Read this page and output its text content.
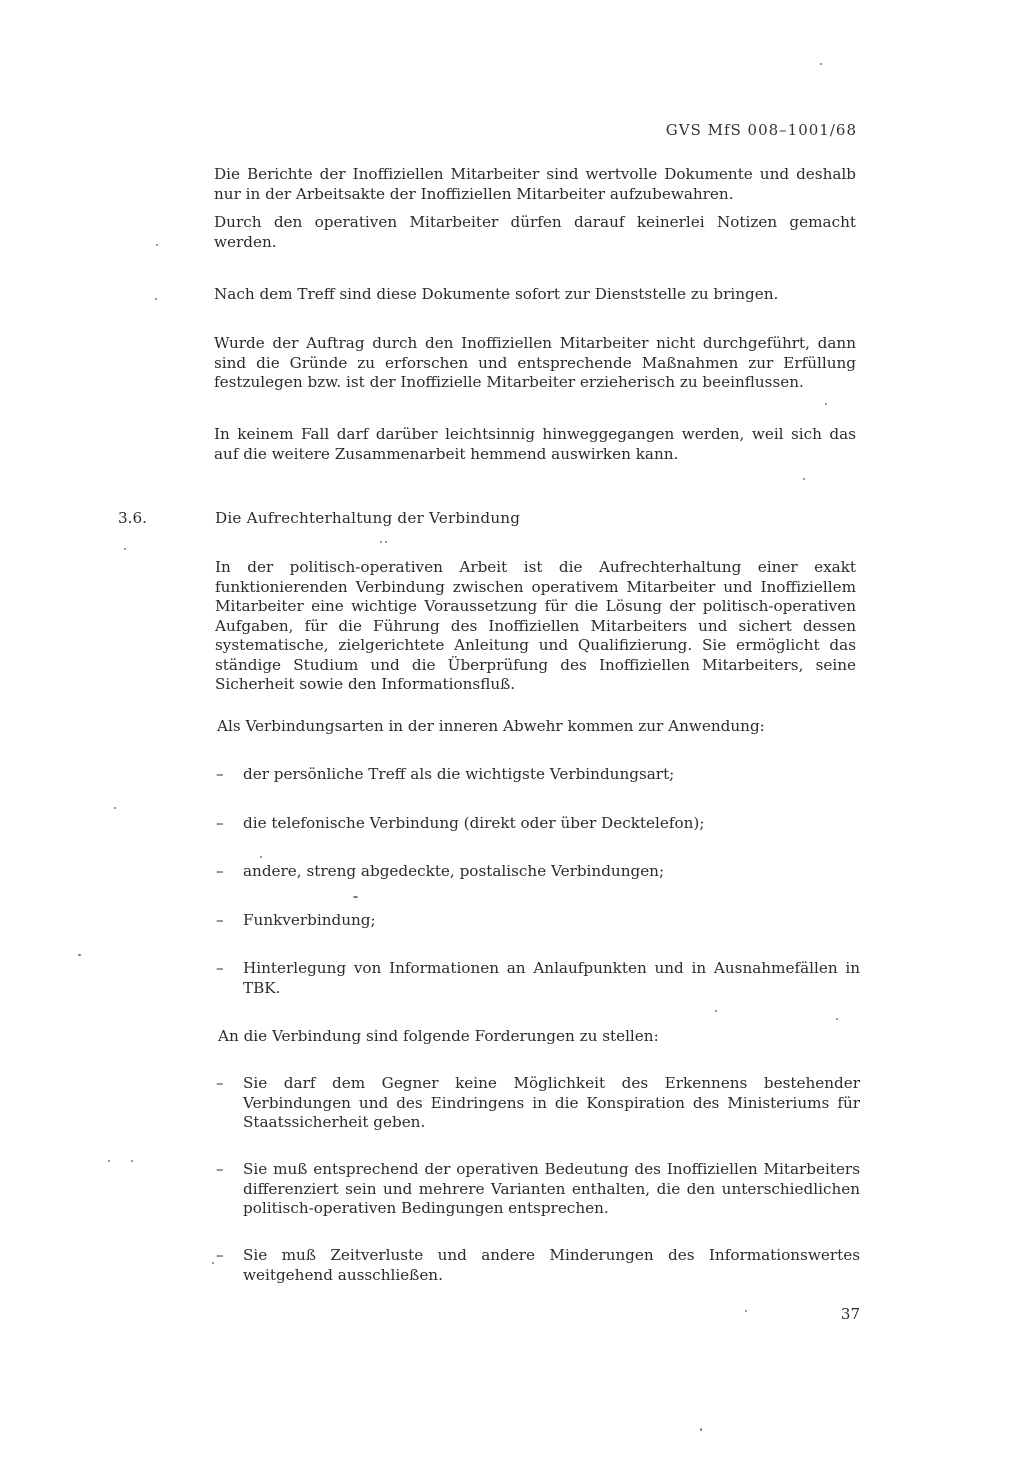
GVS MfS 008–1001/68
Die Berichte der Inoffiziellen Mitarbeiter sind wertvolle Dokumente und deshalb nur in der Arbeitsakte der Inoffiziellen Mitarbeiter aufzubewahren.
Durch den operativen Mitarbeiter dürfen darauf keinerlei Notizen gemacht werden.
Nach dem Treff sind diese Dokumente sofort zur Dienststelle zu bringen.
Wurde der Auftrag durch den Inoffiziellen Mitarbeiter nicht durchgeführt, dann sind die Gründe zu erforschen und entsprechende Maßnahmen zur Erfüllung festzulegen bzw. ist der Inoffizielle Mitarbeiter erzieherisch zu beeinflussen.
In keinem Fall darf darüber leichtsinnig hinweggegangen werden, weil sich das auf die weitere Zusammenarbeit hemmend auswirken kann.
3.6.	Die Aufrechterhaltung der Verbindung
In der politisch-operativen Arbeit ist die Aufrechterhaltung einer exakt funktionierenden Verbindung zwischen operativem Mitarbeiter und Inoffiziellem Mitarbeiter eine wichtige Voraussetzung für die Lösung der politisch-operativen Aufgaben, für die Führung des Inoffiziellen Mitarbeiters und sichert dessen systematische, zielgerichtete Anleitung und Qualifizierung. Sie ermöglicht das ständige Studium und die Überprüfung des Inoffiziellen Mitarbeiters, seine Sicherheit sowie den Informationsfluß.
Als Verbindungsarten in der inneren Abwehr kommen zur Anwendung:
–	der persönliche Treff als die wichtigste Verbindungsart;
–	die telefonische Verbindung (direkt oder über Decktelefon);
–	andere, streng abgedeckte, postalische Verbindungen;
–	Funkverbindung;
–	Hinterlegung von Informationen an Anlaufpunkten und in Ausnahmefällen in TBK.
An die Verbindung sind folgende Forderungen zu stellen:
–	Sie darf dem Gegner keine Möglichkeit des Erkennens bestehender Verbindungen und des Eindringens in die Konspiration des Ministeriums für Staatssicherheit geben.
–	Sie muß entsprechend der operativen Bedeutung des Inoffiziellen Mitarbeiters differenziert sein und mehrere Varianten enthalten, die den unterschiedlichen politisch-operativen Bedingungen entsprechen.
–	Sie muß Zeitverluste und andere Minderungen des Informationswertes weitgehend ausschließen.
37
